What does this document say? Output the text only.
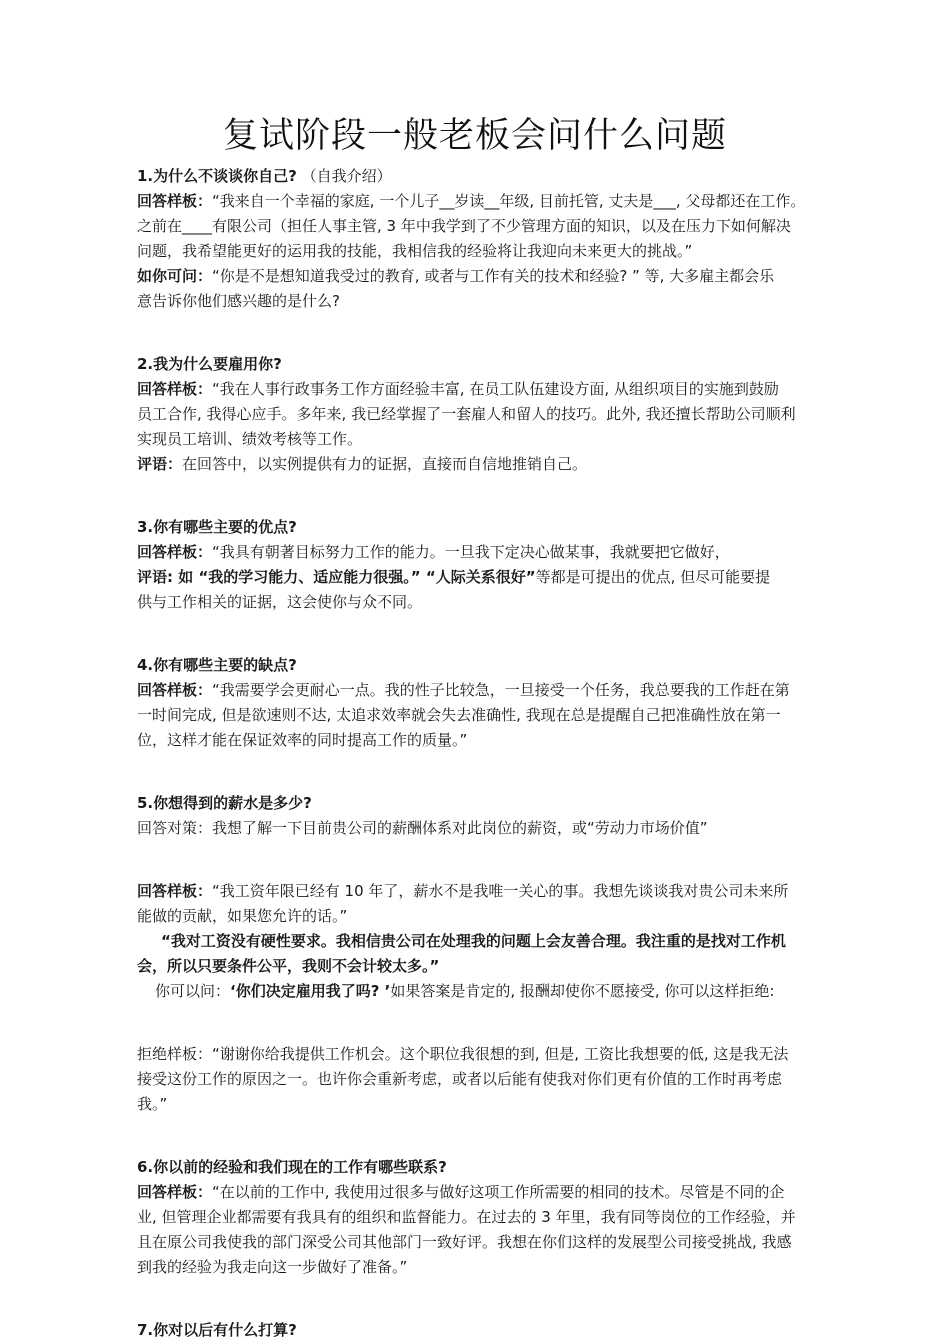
复试阶段一般老板会问什么问题
1.为什么不谈谈你自己? （自我介绍）
回答样板：“我来自一个幸福的家庭, 一个儿子__岁读__年级, 目前托管, 丈夫是___, 父母都还在工作。
之前在____有限公司（担任人事主管, 3 年中我学到了不少管理方面的知识，以及在压力下如何解决
问题，我希望能更好的运用我的技能，我相信我的经验将让我迎向未来更大的挑战。”
如你可问：“你是不是想知道我受过的教育, 或者与工作有关的技术和经验? ” 等, 大多雇主都会乐
意告诉你他们感兴趣的是什么?
2.我为什么要雇用你?
回答样板：“我在人事行政事务工作方面经验丰富, 在员工队伍建设方面, 从组织项目的实施到鼓励
员工合作, 我得心应手。多年来, 我已经掌握了一套雇人和留人的技巧。此外, 我还擅长帮助公司顺利
实现员工培训、绩效考核等工作。
评语：在回答中，以实例提供有力的证据，直接而自信地推销自己。
3.你有哪些主要的优点?
回答样板：“我具有朝著目标努力工作的能力。一旦我下定决心做某事，我就要把它做好，
评语: 如 “我的学习能力、适应能力很强。” “人际关系很好”等都是可提出的优点, 但尽可能要提
供与工作相关的证据，这会使你与众不同。
4.你有哪些主要的缺点?
回答样板：“我需要学会更耐心一点。我的性子比较急，一旦接受一个任务，我总要我的工作赶在第
一时间完成, 但是欲速则不达, 太追求效率就会失去准确性, 我现在总是提醒自己把准确性放在第一
位，这样才能在保证效率的同时提高工作的质量。”
5.你想得到的薪水是多少?
回答对策：我想了解一下目前贵公司的薪酬体系对此岗位的薪资，或“劳动力市场价值”
回答样板：“我工资年限已经有 10 年了，薪水不是我唯一关心的事。我想先谈谈我对贵公司未来所
能做的贡献，如果您允许的话。”
“我对工资没有硬性要求。我相信贵公司在处理我的问题上会友善合理。我注重的是找对工作机
会，所以只要条件公平，我则不会计较太多。”
你可以问：‘你们决定雇用我了吗? ’如果答案是肯定的, 报酬却使你不愿接受, 你可以这样拒绝:
拒绝样板：“谢谢你给我提供工作机会。这个职位我很想的到, 但是, 工资比我想要的低, 这是我无法
接受这份工作的原因之一。也许你会重新考虑，或者以后能有使我对你们更有价值的工作时再考虑
我。”
6.你以前的经验和我们现在的工作有哪些联系?
回答样板：“在以前的工作中, 我使用过很多与做好这项工作所需要的相同的技术。尽管是不同的企
业, 但管理企业都需要有我具有的组织和监督能力。在过去的 3 年里，我有同等岗位的工作经验，并
且在原公司我使我的部门深受公司其他部门一致好评。我想在你们这样的发展型公司接受挑战, 我感
到我的经验为我走向这一步做好了准备。”
7.你对以后有什么打算?
